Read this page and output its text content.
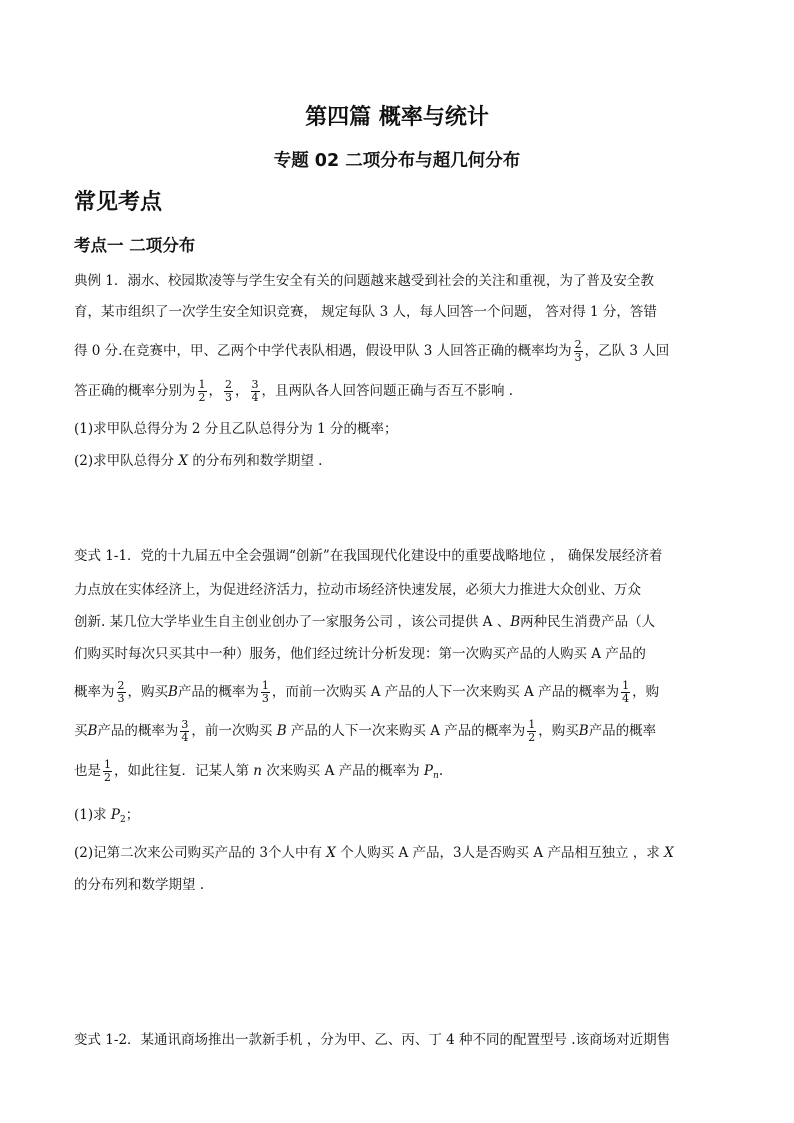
第四篇 概率与统计
专题 02 二项分布与超几何分布
常见考点
考点一 二项分布
典例 1．溺水、校园欺凌等与学生安全有关的问题越来越受到社会的关注和重视，为了普及安全教
育，某市组织了一次学生安全知识竞赛， 规定每队 3 人，每人回答一个问题， 答对得 1 分，答错
得 0 分.在竞赛中，甲、乙两个中学代表队相遇，假设甲队 3 人回答正确的概率均为 $\frac{2}{3}$ ，乙队 3 人回
答正确的概率分别为 $\frac{1}{2}$ ， $\frac{2}{3}$ ， $\frac{3}{4}$ ，且两队各人回答问题正确与否互不影响 .
(1)求甲队总得分为 2 分且乙队总得分为 1 分的概率；
(2)求甲队总得分 X 的分布列和数学期望 .
变式 1-1．党的十九届五中全会强调“创新”在我国现代化建设中的重要战略地位 ， 确保发展经济着
力点放在实体经济上，为促进经济活力，拉动市场经济快速发展，必须大力推进大众创业、万众
创新. 某几位大学毕业生自主创业创办了一家服务公司 ，该公司提供 A 、B两种民生消费产品（人
们购买时每次只买其中一种）服务，他们经过统计分析发现：第一次购买产品的人购买 A 产品的
概率为 $\frac{2}{3}$ ，购买B产品的概率为 $\frac{1}{3}$ ，而前一次购买 A 产品的人下一次来购买 A 产品的概率为 $\frac{1}{4}$ ，购
买B产品的概率为 $\frac{3}{4}$ ，前一次购买 B 产品的人下一次来购买 A 产品的概率为 $\frac{1}{2}$ ，购买B产品的概率
也是 $\frac{1}{2}$ ，如此往复．记某人第 n 次来购买 A 产品的概率为 $P_n$.
(1)求 $P_2$；
(2)记第二次来公司购买产品的 3个人中有 X 个人购买 A 产品，3人是否购买 A 产品相互独立 ，求 X
的分布列和数学期望 .
变式 1-2．某通讯商场推出一款新手机 ，分为甲、乙、丙、丁 4 种不同的配置型号 .该商场对近期售
